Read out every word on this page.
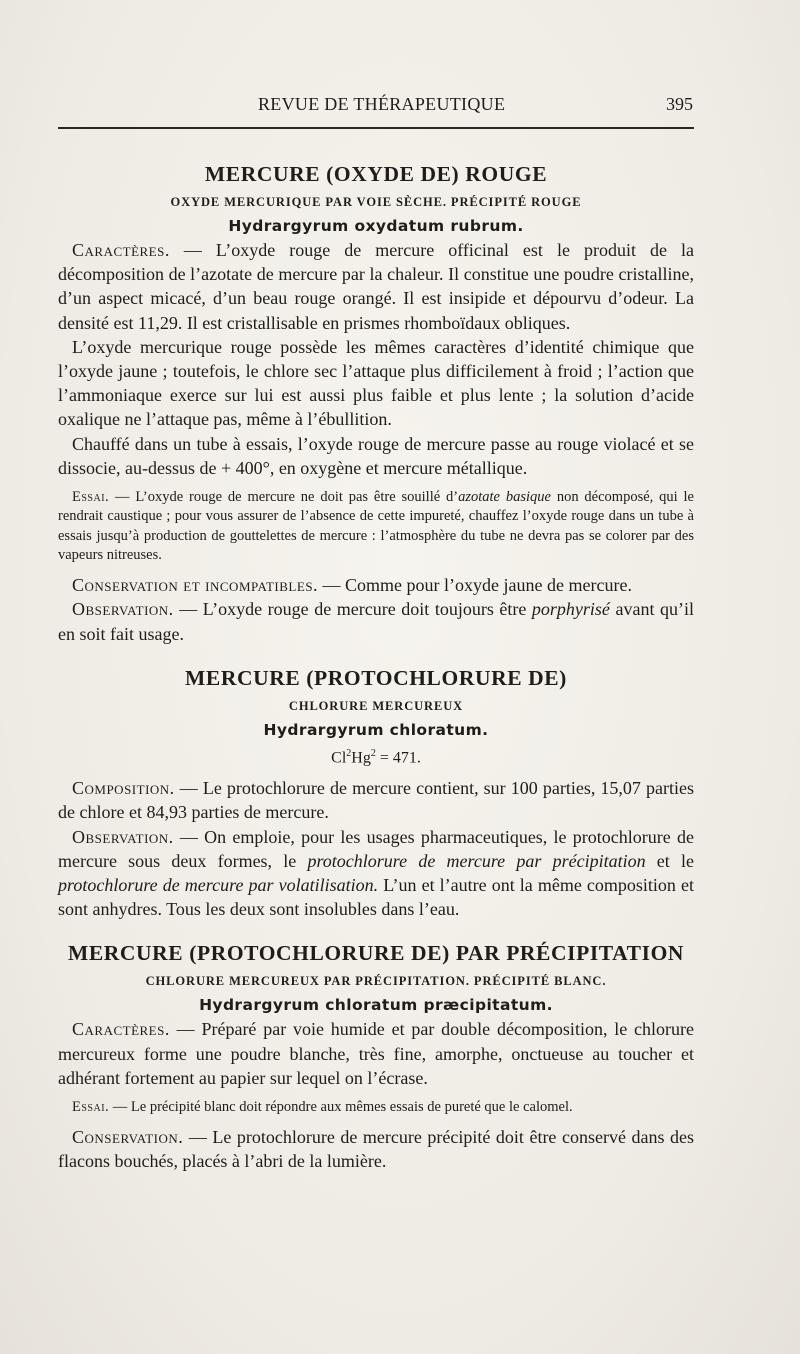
REVUE DE THÉRAPEUTIQUE	395
MERCURE (OXYDE DE) ROUGE
OXYDE MERCURIQUE PAR VOIE SÈCHE. PRÉCIPITÉ ROUGE
Hydrargyrum oxydatum rubrum.

Caractères. — L’oxyde rouge de mercure officinal est le produit de la décomposition de l’azotate de mercure par la chaleur. Il constitue une poudre cristalline, d’un aspect micacé, d’un beau rouge orangé. Il est insipide et dépourvu d’odeur. La densité est 11,29. Il est cristallisable en prismes rhomboïdaux obliques.

L’oxyde mercurique rouge possède les mêmes caractères d’identité chimique que l’oxyde jaune ; toutefois, le chlore sec l’attaque plus difficilement à froid ; l’action que l’ammoniaque exerce sur lui est aussi plus faible et plus lente ; la solution d’acide oxalique ne l’attaque pas, même à l’ébullition.

Chauffé dans un tube à essais, l’oxyde rouge de mercure passe au rouge violacé et se dissocie, au-dessus de + 400°, en oxygène et mercure métallique.

Essai. — L’oxyde rouge de mercure ne doit pas être souillé d’azotate basique non décomposé, qui le rendrait caustique ; pour vous assurer de l’absence de cette impureté, chauffez l’oxyde rouge dans un tube à essais jusqu’à production de gouttelettes de mercure : l’atmosphère du tube ne devra pas se colorer par des vapeurs nitreuses.

Conservation et incompatibles. — Comme pour l’oxyde jaune de mercure.

Observation. — L’oxyde rouge de mercure doit toujours être porphyrisé avant qu’il en soit fait usage.

MERCURE (PROTOCHLORURE DE)
CHLORURE MERCUREUX
Hydrargyrum chloratum.
$Cl^2Hg^2 = 471$.

Composition. — Le protochlorure de mercure contient, sur 100 parties, 15,07 parties de chlore et 84,93 parties de mercure.

Observation. — On emploie, pour les usages pharmaceutiques, le protochlorure de mercure sous deux formes, le protochlorure de mercure par précipitation et le protochlorure de mercure par volatilisation. L’un et l’autre ont la même composition et sont anhydres. Tous les deux sont insolubles dans l’eau.

MERCURE (PROTOCHLORURE DE) PAR PRÉCIPITATION
CHLORURE MERCUREUX PAR PRÉCIPITATION. PRÉCIPITÉ BLANC.
Hydrargyrum chloratum præcipitatum.

Caractères. — Préparé par voie humide et par double décomposition, le chlorure mercureux forme une poudre blanche, très fine, amorphe, onctueuse au toucher et adhérant fortement au papier sur lequel on l’écrase.

Essai. — Le précipité blanc doit répondre aux mêmes essais de pureté que le calomel.

Conservation. — Le protochlorure de mercure précipité doit être conservé dans des flacons bouchés, placés à l’abri de la lumière.
